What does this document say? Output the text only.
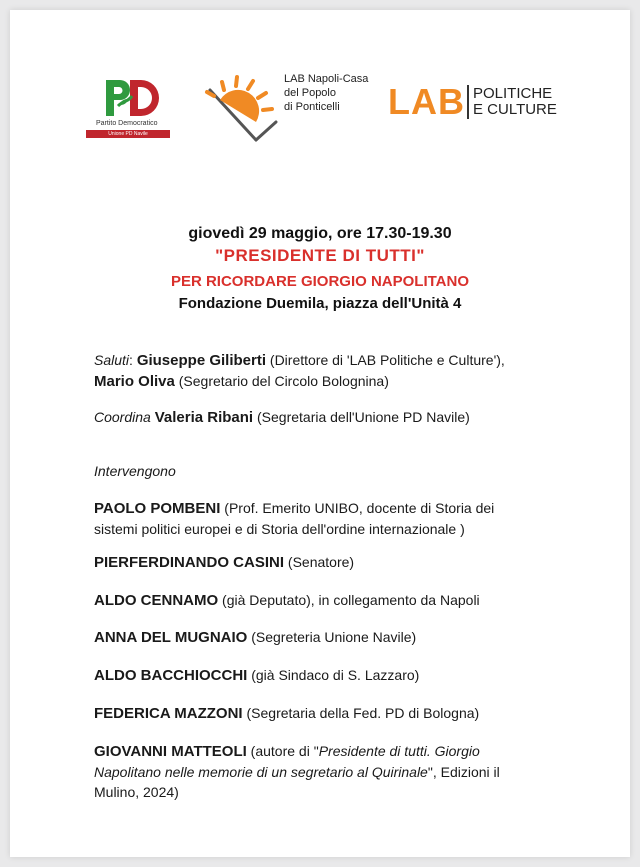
Partito Democratico
Unione PD Navile
LAB Napoli-Casa
del Popolo
di Ponticelli	LAB POLITICHE
E CULTURE
giovedì 29 maggio, ore 17.30-19.30
"PRESIDENTE DI TUTTI"
PER RICORDARE GIORGIO NAPOLITANO
Fondazione Duemila, piazza dell'Unità 4
Saluti: Giuseppe Giliberti (Direttore di 'LAB Politiche e Culture'),
Mario Oliva (Segretario del Circolo Bolognina)
Coordina Valeria Ribani (Segretaria dell'Unione PD Navile)
Intervengono
PAOLO POMBENI (Prof. Emerito UNIBO, docente di Storia dei
sistemi politici europei e di Storia dell'ordine internazionale )
PIERFERDINANDO CASINI (Senatore)
ALDO CENNAMO (già Deputato), in collegamento da Napoli
ANNA DEL MUGNAIO (Segreteria Unione Navile)
ALDO BACCHIOCCHI (già Sindaco di S. Lazzaro)
FEDERICA MAZZONI (Segretaria della Fed. PD di Bologna)
GIOVANNI MATTEOLI (autore di "Presidente di tutti. Giorgio
Napolitano nelle memorie di un segretario al Quirinale", Edizioni il
Mulino, 2024)
